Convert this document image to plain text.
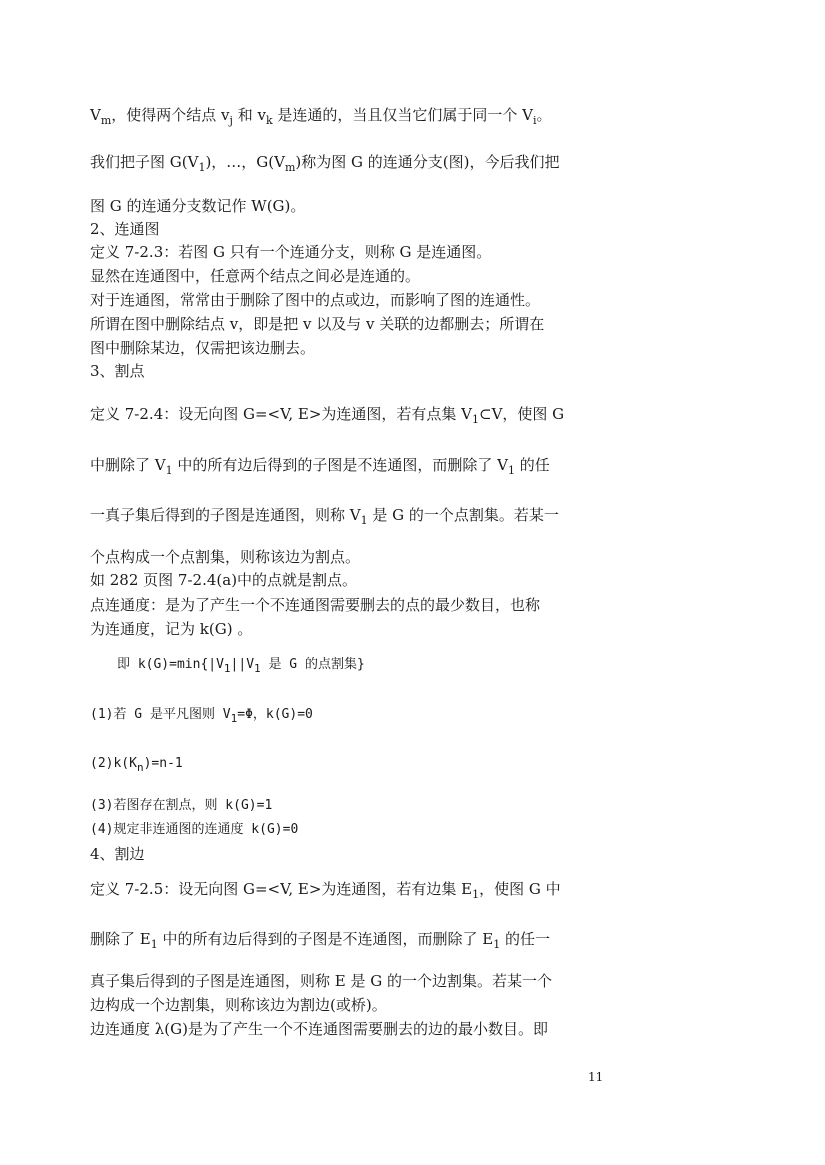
$V_m$，使得两个结点 $v_j$ 和 $v_k$ 是连通的，当且仅当它们属于同一个 $V_i$。
我们把子图 $G(V_1)$，…，$G(V_m)$称为图 G 的连通分支(图)，今后我们把
图 G 的连通分支数记作 W(G)。
2、连通图
定义 7-2.3：若图 G 只有一个连通分支，则称 G 是连通图。
显然在连通图中，任意两个结点之间必是连通的。
对于连通图，常常由于删除了图中的点或边，而影响了图的连通性。
所谓在图中删除结点 v，即是把 v 以及与 v 关联的边都删去；所谓在
图中删除某边，仅需把该边删去。
3、割点
定义 7-2.4：设无向图 G=<V, E>为连通图，若有点集 $V_1\subset V$，使图 G
中删除了 $V_1$ 中的所有边后得到的子图是不连通图，而删除了 $V_1$ 的任
一真子集后得到的子图是连通图，则称 $V_1$ 是 G 的一个点割集。若某一
个点构成一个点割集，则称该边为割点。
如 282 页图 7-2.4(a)中的点就是割点。
点连通度：是为了产生一个不连通图需要删去的点的最少数目，也称
为连通度，记为 k(G) 。
即 $k(G)=\min\{|V_1||V_1$ 是 G 的点割集}
(1)若 G 是平凡图则 $V_1=\Phi$，k(G)=0
$(2)k(K_n)=n-1$
(3)若图存在割点，则 k(G)=1
(4)规定非连通图的连通度 k(G)=0
4、割边
定义 7-2.5：设无向图 G=<V, E>为连通图，若有边集 $E_1$，使图 G 中
删除了 $E_1$ 中的所有边后得到的子图是不连通图，而删除了 $E_1$ 的任一
真子集后得到的子图是连通图，则称 E 是 G 的一个边割集。若某一个
边构成一个边割集，则称该边为割边(或桥)。
边连通度 λ(G)是为了产生一个不连通图需要删去的边的最小数目。即
11
